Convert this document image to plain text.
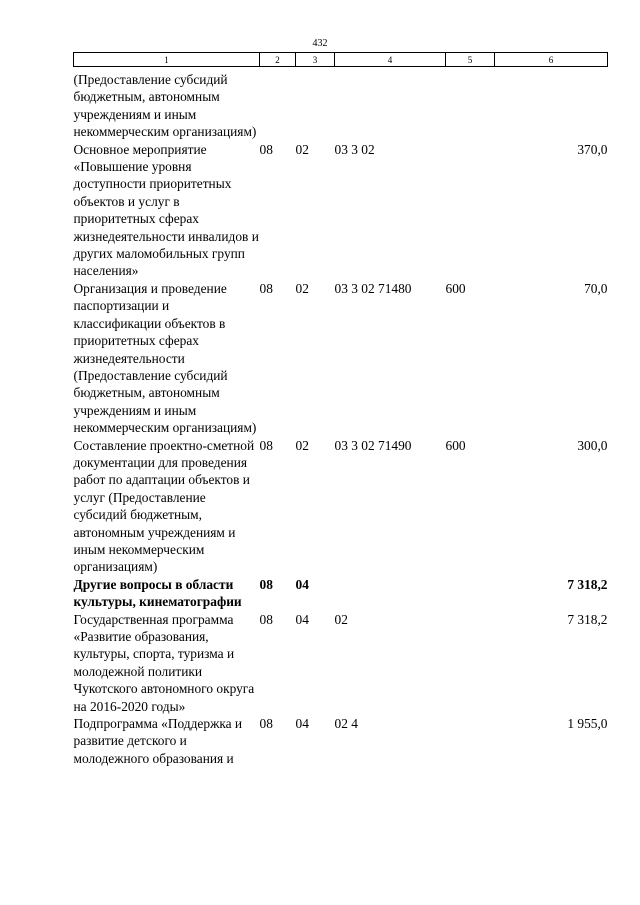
432
1	2	3	4	5	6
(Предоставление субсидий бюджетным, автономным учреждениям и иным некоммерческим организациям)					
Основное мероприятие «Повышение уровня доступности приоритетных объектов и услуг в приоритетных сферах жизнедеятельности инвалидов и других маломобильных групп населения»	08	02	03 3 02		370,0
Организация и проведение паспортизации и классификации объектов в приоритетных сферах жизнедеятельности (Предоставление субсидий бюджетным, автономным учреждениям и иным некоммерческим организациям)	08	02	03 3 02 71480	600	70,0
Составление проектно-сметной документации для проведения работ по адаптации объектов и услуг (Предоставление субсидий бюджетным, автономным учреждениям и иным некоммерческим организациям)	08	02	03 3 02 71490	600	300,0
Другие вопросы в области культуры, кинематографии	08	04			7 318,2
Государственная программа «Развитие образования, культуры, спорта, туризма и молодежной политики Чукотского автономного округа на 2016-2020 годы»	08	04	02		7 318,2
Подпрограмма «Поддержка и развитие детского и молодежного образования и	08	04	02 4		1 955,0
